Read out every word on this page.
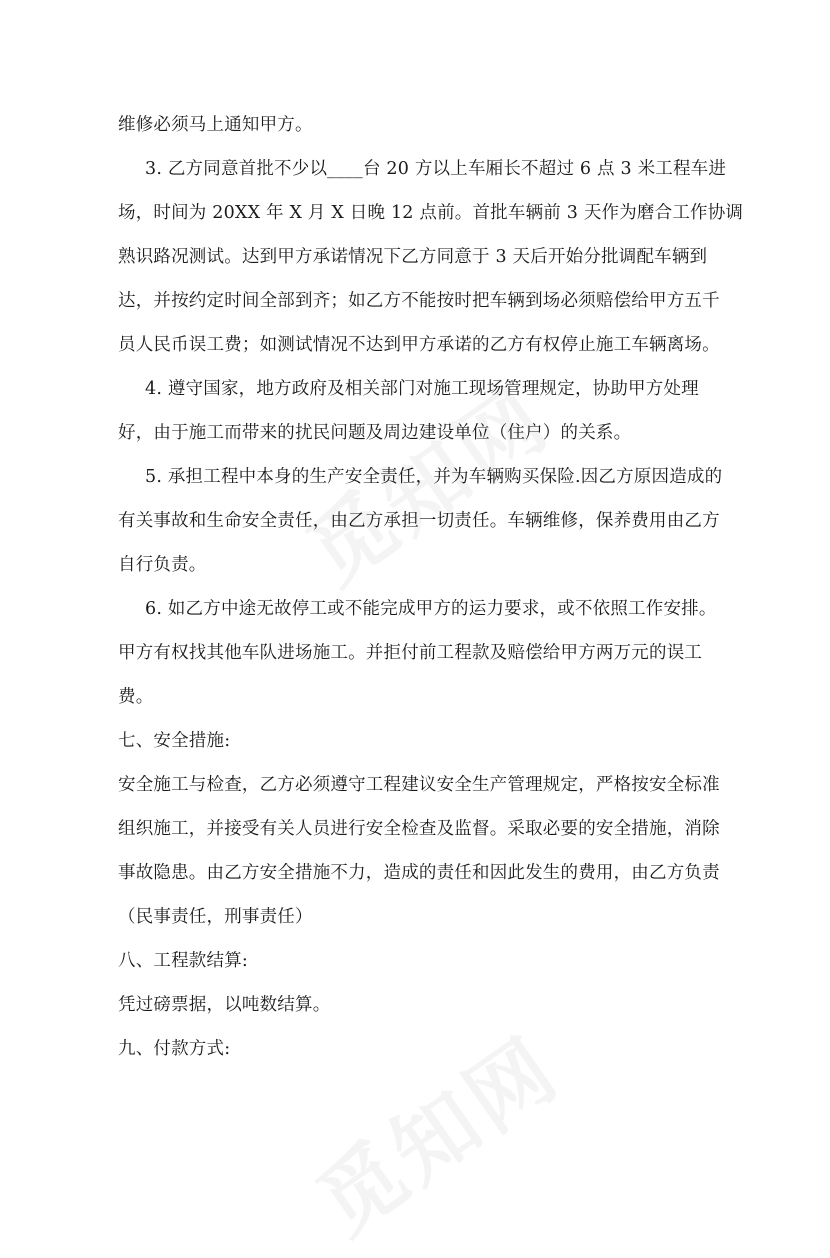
维修必须马上通知甲方。
3. 乙方同意首批不少以____台 20 方以上车厢长不超过 6 点 3 米工程车进
场，时间为 20XX 年 X 月 X 日晚 12 点前。首批车辆前 3 天作为磨合工作协调
熟识路况测试。达到甲方承诺情况下乙方同意于 3 天后开始分批调配车辆到
达，并按约定时间全部到齐；如乙方不能按时把车辆到场必须赔偿给甲方五千
员人民币误工费；如测试情况不达到甲方承诺的乙方有权停止施工车辆离场。
4. 遵守国家，地方政府及相关部门对施工现场管理规定，协助甲方处理
好，由于施工而带来的扰民问题及周边建设单位（住户）的关系。
5. 承担工程中本身的生产安全责任，并为车辆购买保险.因乙方原因造成的
有关事故和生命安全责任，由乙方承担一切责任。车辆维修，保养费用由乙方
自行负责。
6. 如乙方中途无故停工或不能完成甲方的运力要求，或不依照工作安排。
甲方有权找其他车队进场施工。并拒付前工程款及赔偿给甲方两万元的误工
费。
七、安全措施:
安全施工与检查，乙方必须遵守工程建议安全生产管理规定，严格按安全标准
组织施工，并接受有关人员进行安全检查及监督。采取必要的安全措施，消除
事故隐患。由乙方安全措施不力，造成的责任和因此发生的费用，由乙方负责
（民事责任，刑事责任）
八、工程款结算:
凭过磅票据，以吨数结算。
九、付款方式:
